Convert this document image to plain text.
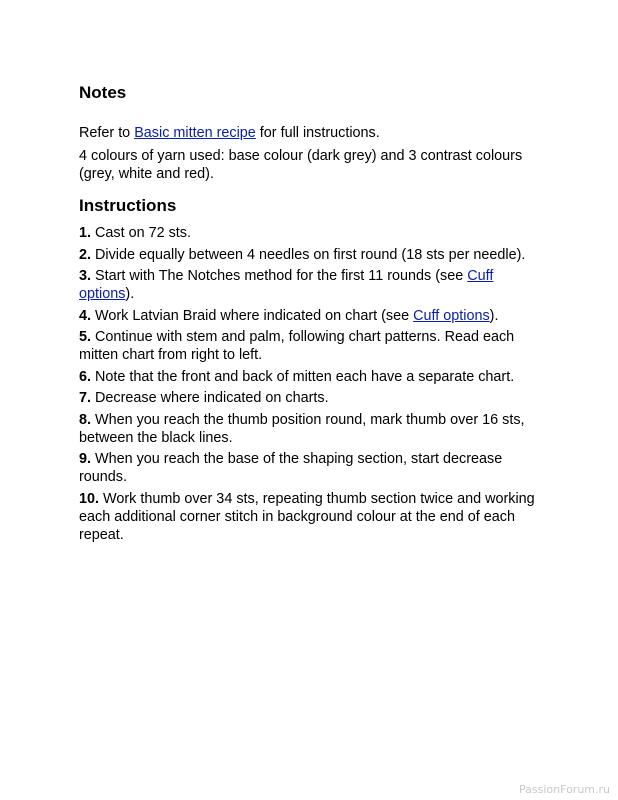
Notes

Refer to Basic mitten recipe for full instructions.

4 colours of yarn used: base colour (dark grey) and 3 contrast colours (grey, white and red).

Instructions
1. Cast on 72 sts.
2. Divide equally between 4 needles on first round (18 sts per needle).
3. Start with The Notches method for the first 11 rounds (see Cuff options).
4. Work Latvian Braid where indicated on chart (see Cuff options).
5. Continue with stem and palm, following chart patterns. Read each mitten chart from right to left.
6. Note that the front and back of mitten each have a separate chart.
7. Decrease where indicated on charts.
8. When you reach the thumb position round, mark thumb over 16 sts, between the black lines.
9. When you reach the base of the shaping section, start decrease rounds.
10. Work thumb over 34 sts, repeating thumb section twice and working each additional corner stitch in background colour at the end of each repeat.
PassionForum.ru
